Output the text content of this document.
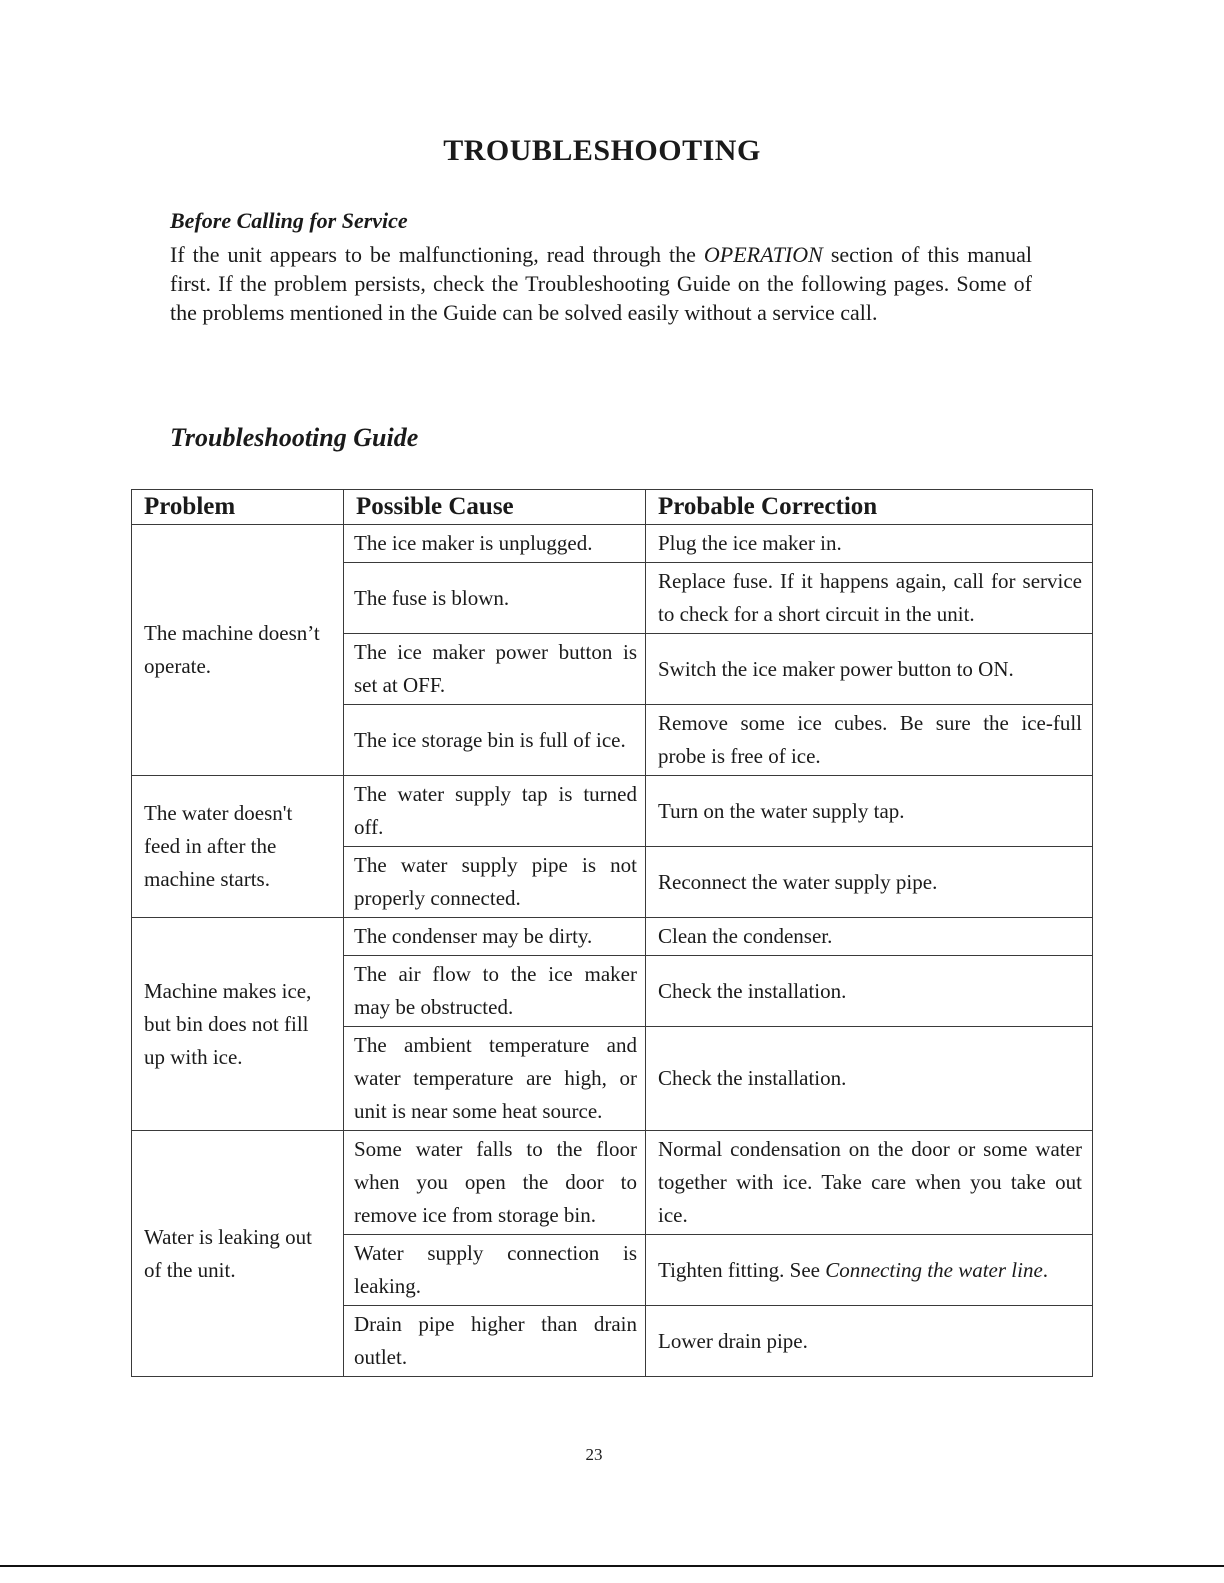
TROUBLESHOOTING
Before Calling for Service

If the unit appears to be malfunctioning, read through the OPERATION section of this manual first. If the problem persists, check the Troubleshooting Guide on the following pages. Some of the problems mentioned in the Guide can be solved easily without a service call.

Troubleshooting Guide
Problem	Possible Cause	Probable Correction
The machine doesn’t operate.	The ice maker is unplugged.	Plug the ice maker in.
	The fuse is blown.	Replace fuse. If it happens again, call for service to check for a short circuit in the unit.
	The ice maker power button is set at OFF.	Switch the ice maker power button to ON.
	The ice storage bin is full of ice.	Remove some ice cubes. Be sure the ice-full probe is free of ice.
The water doesn't feed in after the machine starts.	The water supply tap is turned off.	Turn on the water supply tap.
	The water supply pipe is not properly connected.	Reconnect the water supply pipe.
Machine makes ice, but bin does not fill up with ice.	The condenser may be dirty.	Clean the condenser.
	The air flow to the ice maker may be obstructed.	Check the installation.
	The ambient temperature and water temperature are high, or unit is near some heat source.	Check the installation.
Water is leaking out of the unit.	Some water falls to the floor when you open the door to remove ice from storage bin.	Normal condensation on the door or some water together with ice. Take care when you take out ice.
	Water supply connection is leaking.	Tighten fitting. See Connecting the water line.
	Drain pipe higher than drain outlet.	Lower drain pipe.

23
